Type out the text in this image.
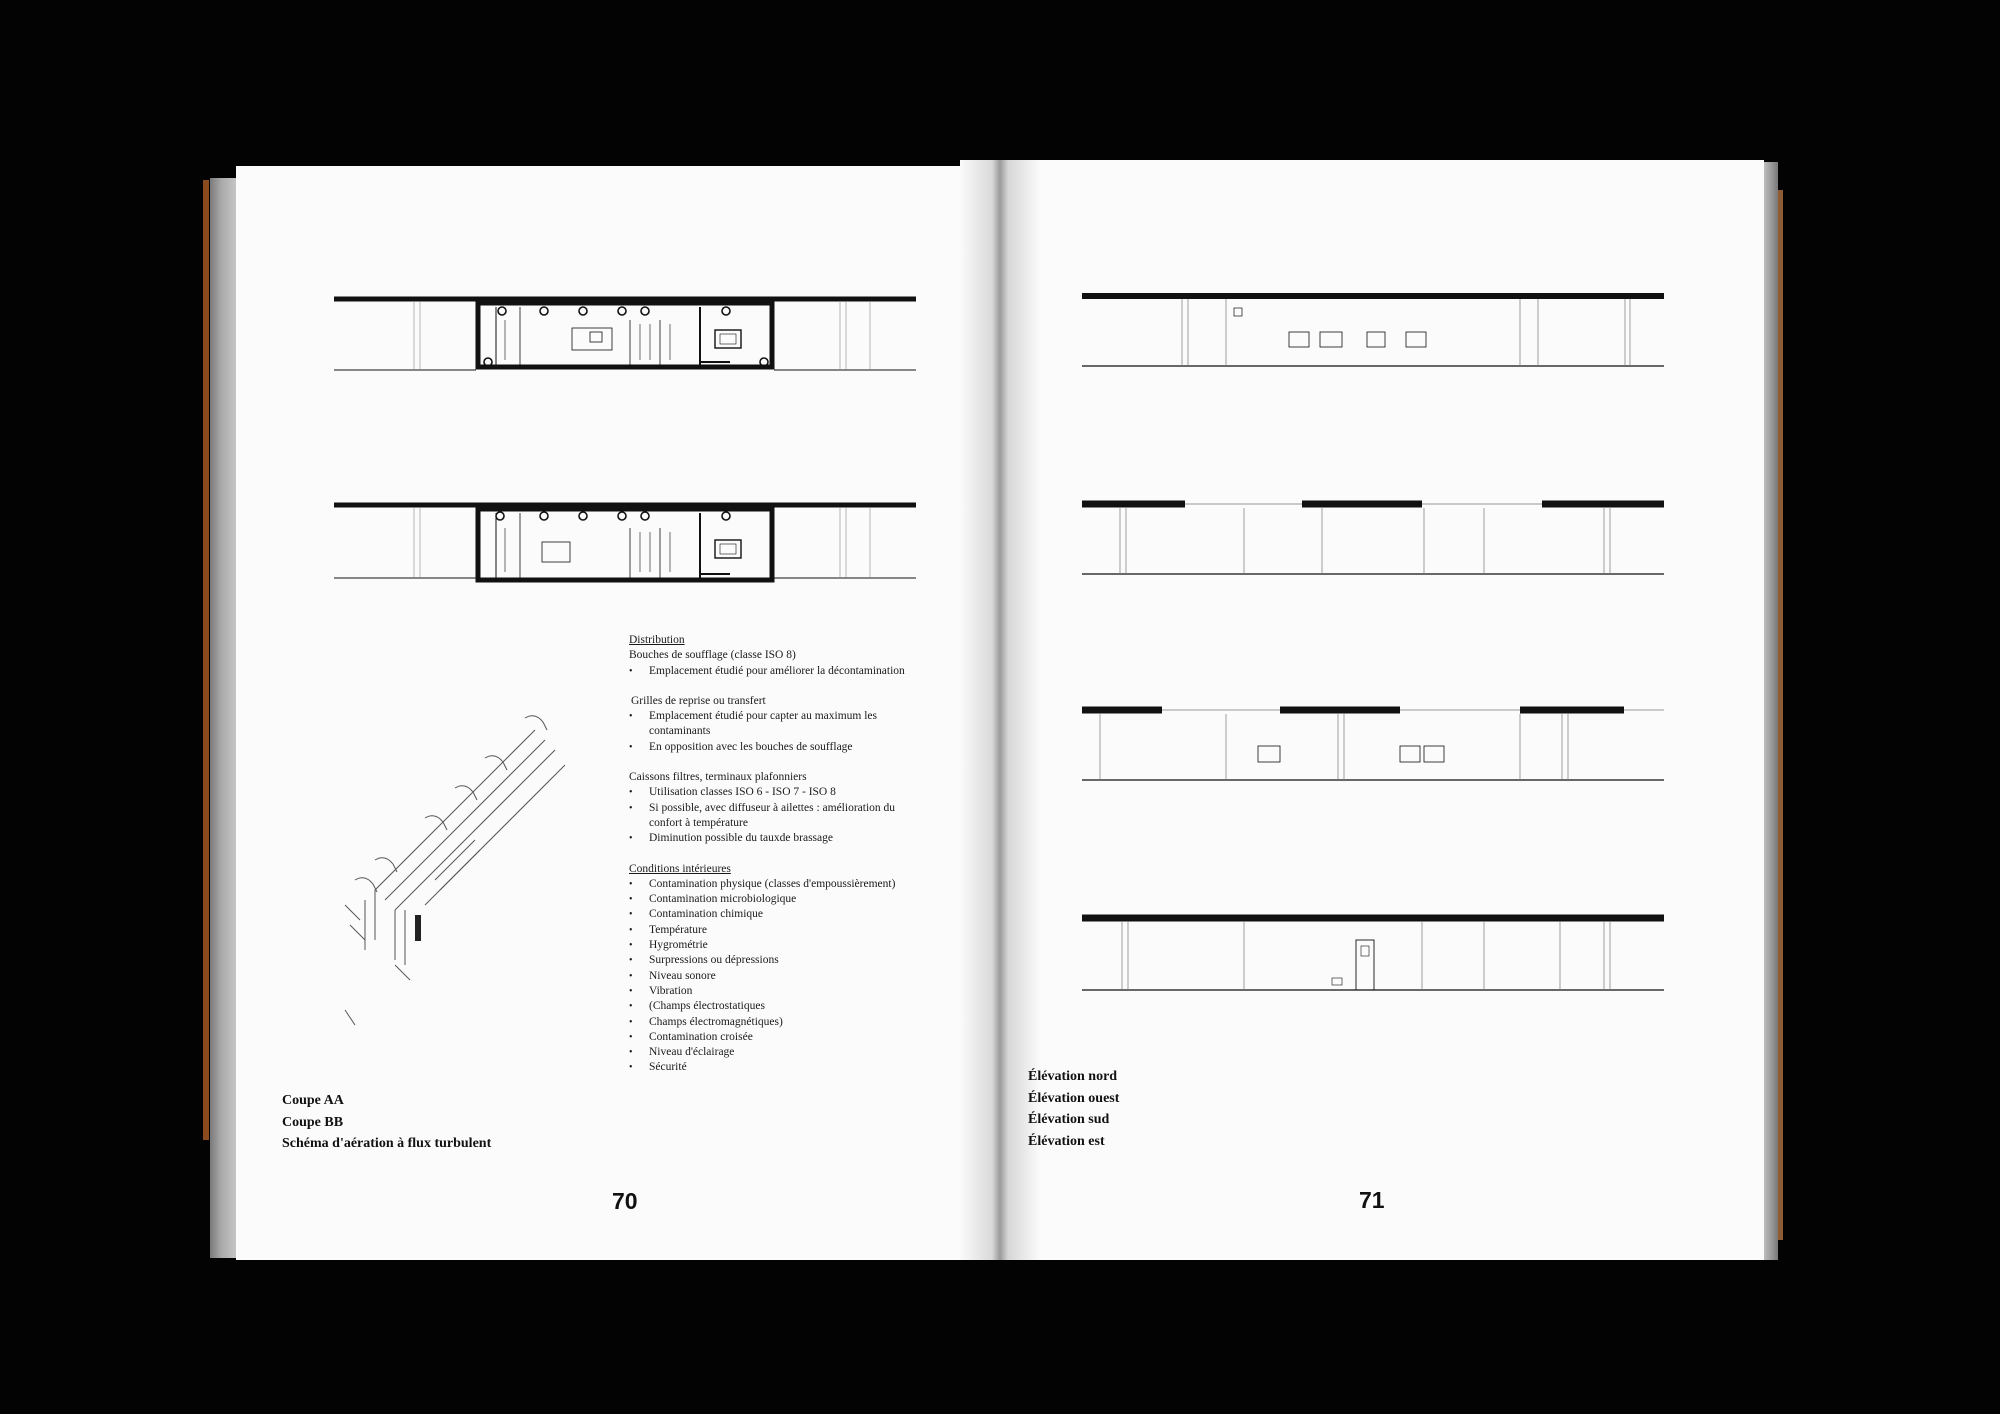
Distribution
Bouches de soufflage (classe ISO 8)
• Emplacement étudié pour améliorer la décontamination
Grilles de reprise ou transfert
• Emplacement étudié pour capter au maximum les contaminants
• En opposition avec les bouches de soufflage
Caissons filtres, terminaux plafonniers
• Utilisation classes ISO 6 - ISO 7 - ISO 8
• Si possible, avec diffuseur à ailettes : amélioration du confort à température
• Diminution possible du tauxde brassage
Conditions intérieures
• Contamination physique (classes d'empoussièrement)
• Contamination microbiologique
• Contamination chimique
• Température
• Hygrométrie
• Surpressions ou dépressions
• Niveau sonore
• Vibration
• (Champs électrostatiques
• Champs électromagnétiques)
• Contamination croisée
• Niveau d'éclairage
• Sécurité
Coupe AA
Coupe BB
Schéma d'aération à flux turbulent
70
Élévation nord
Élévation ouest
Élévation sud
Élévation est
71
